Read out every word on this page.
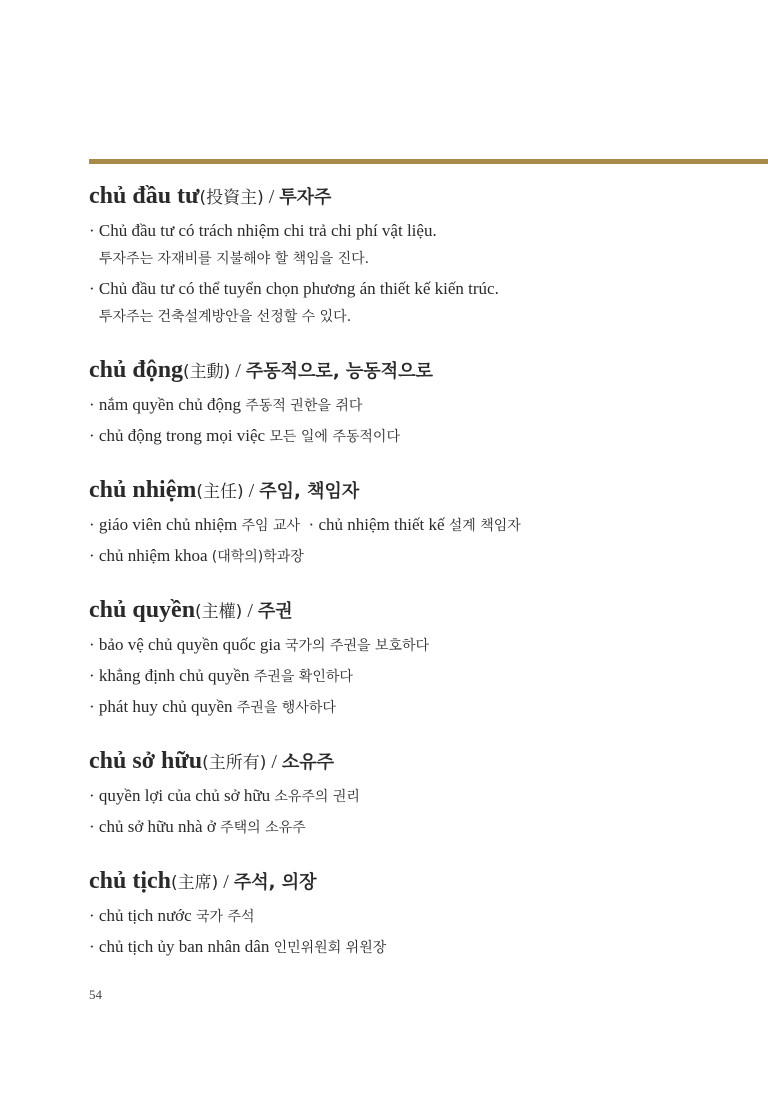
chủ đầu tư(投資主) / 투자주
· Chủ đầu tư có trách nhiệm chi trả chi phí vật liệu.
투자주는 자재비를 지불해야 할 책임을 진다.
· Chủ đầu tư có thể tuyển chọn phương án thiết kế kiến trúc.
투자주는 건축설계방안을 선정할 수 있다.
chủ động(主動) / 주동적으로, 능동적으로
· nắm quyền chủ động 주동적 권한을 쥐다
· chủ động trong mọi việc 모든 일에 주동적이다
chủ nhiệm(主任) / 주임, 책임자
· giáo viên chủ nhiệm 주임 교사  · chủ nhiệm thiết kế 설계 책임자
· chủ nhiệm khoa (대학의)학과장
chủ quyền(主權) / 주권
· bảo vệ chủ quyền quốc gia 국가의 주권을 보호하다
· khẳng định chủ quyền 주권을 확인하다
· phát huy chủ quyền 주권을 행사하다
chủ sở hữu(主所有) / 소유주
· quyền lợi của chủ sở hữu 소유주의 권리
· chủ sở hữu nhà ở 주택의 소유주
chủ tịch(主席) / 주석, 의장
· chủ tịch nước 국가 주석
· chủ tịch ủy ban nhân dân 인민위원회 위원장
54
